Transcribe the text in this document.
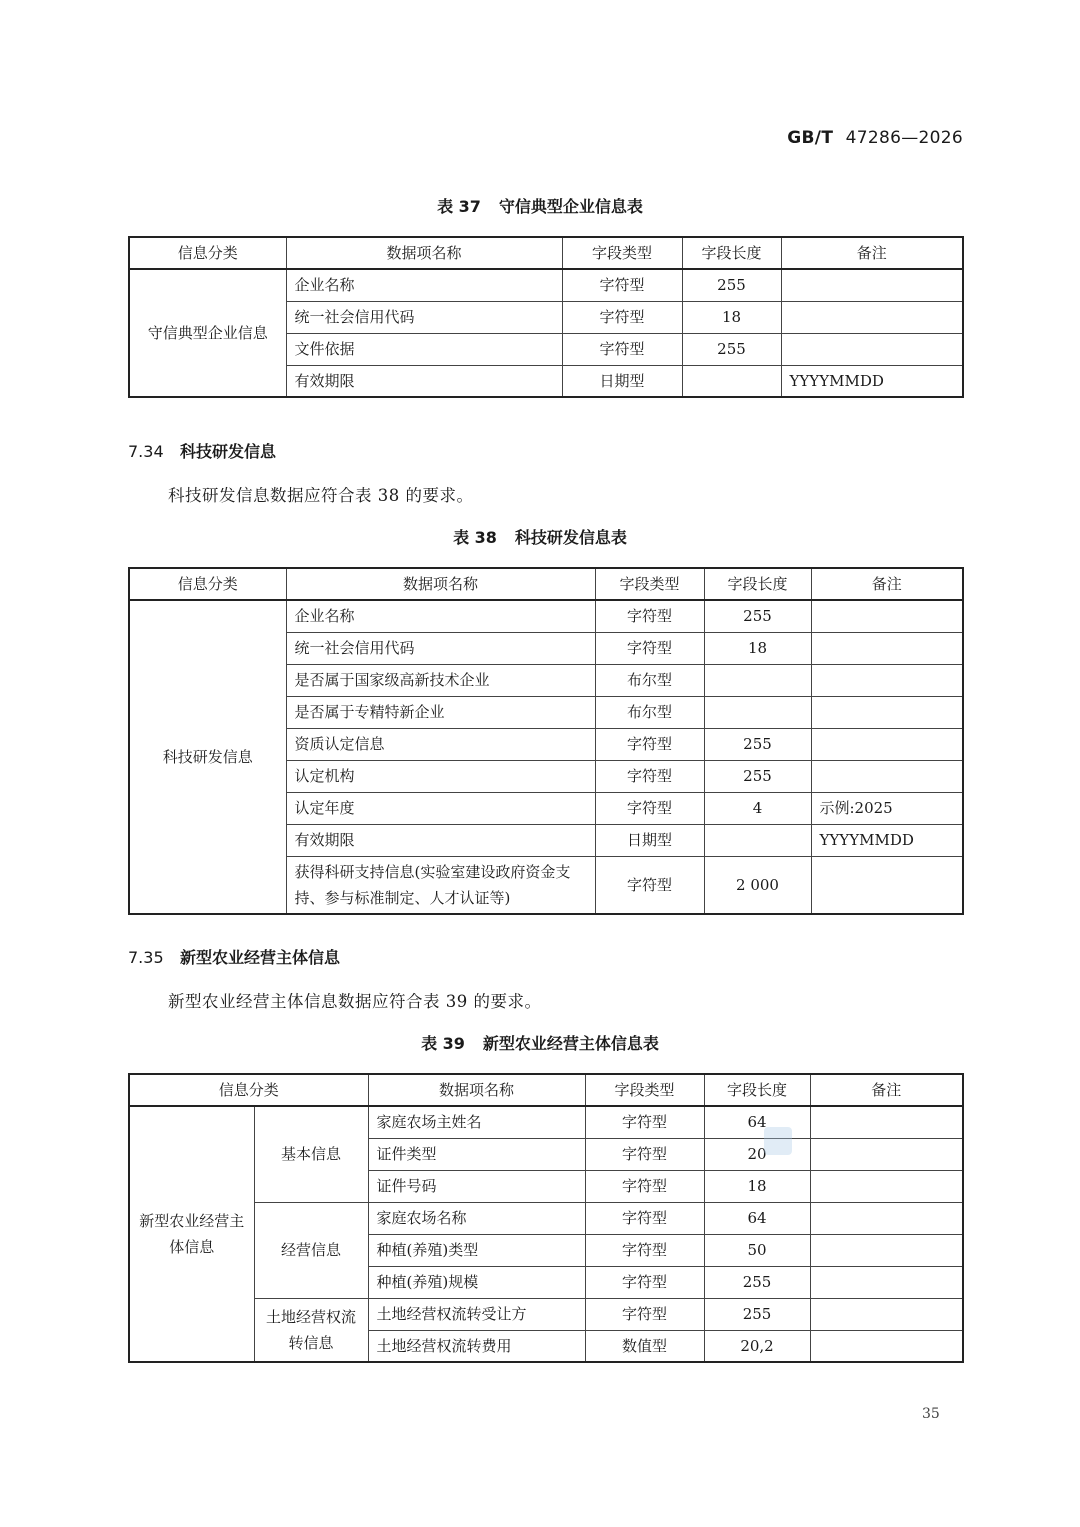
GB/T 47286—2026
表 37 守信典型企业信息表
信息分类	数据项名称	字段类型	字段长度	备注
守信典型企业信息	企业名称	字符型	255	
	统一社会信用代码	字符型	18	
	文件依据	字符型	255	
	有效期限	日期型		YYYYMMDD
7.34 科技研发信息
科技研发信息数据应符合表 38 的要求。
表 38 科技研发信息表
信息分类	数据项名称	字段类型	字段长度	备注
科技研发信息	企业名称	字符型	255	
	统一社会信用代码	字符型	18	
	是否属于国家级高新技术企业	布尔型		
	是否属于专精特新企业	布尔型		
	资质认定信息	字符型	255	
	认定机构	字符型	255	
	认定年度	字符型	4	示例:2025
	有效期限	日期型		YYYYMMDD
	获得科研支持信息(实验室建设政府资金支持、参与标准制定、人才认证等)	字符型	2 000	
7.35 新型农业经营主体信息
新型农业经营主体信息数据应符合表 39 的要求。
表 39 新型农业经营主体信息表
信息分类		数据项名称	字段类型	字段长度	备注
新型农业经营主体信息	基本信息	家庭农场主姓名	字符型	64	
		证件类型	字符型	20	
		证件号码	字符型	18	
	经营信息	家庭农场名称	字符型	64	
		种植(养殖)类型	字符型	50	
		种植(养殖)规模	字符型	255	
	土地经营权流转信息	土地经营权流转受让方	字符型	255	
		土地经营权流转费用	数值型	20,2	
35
